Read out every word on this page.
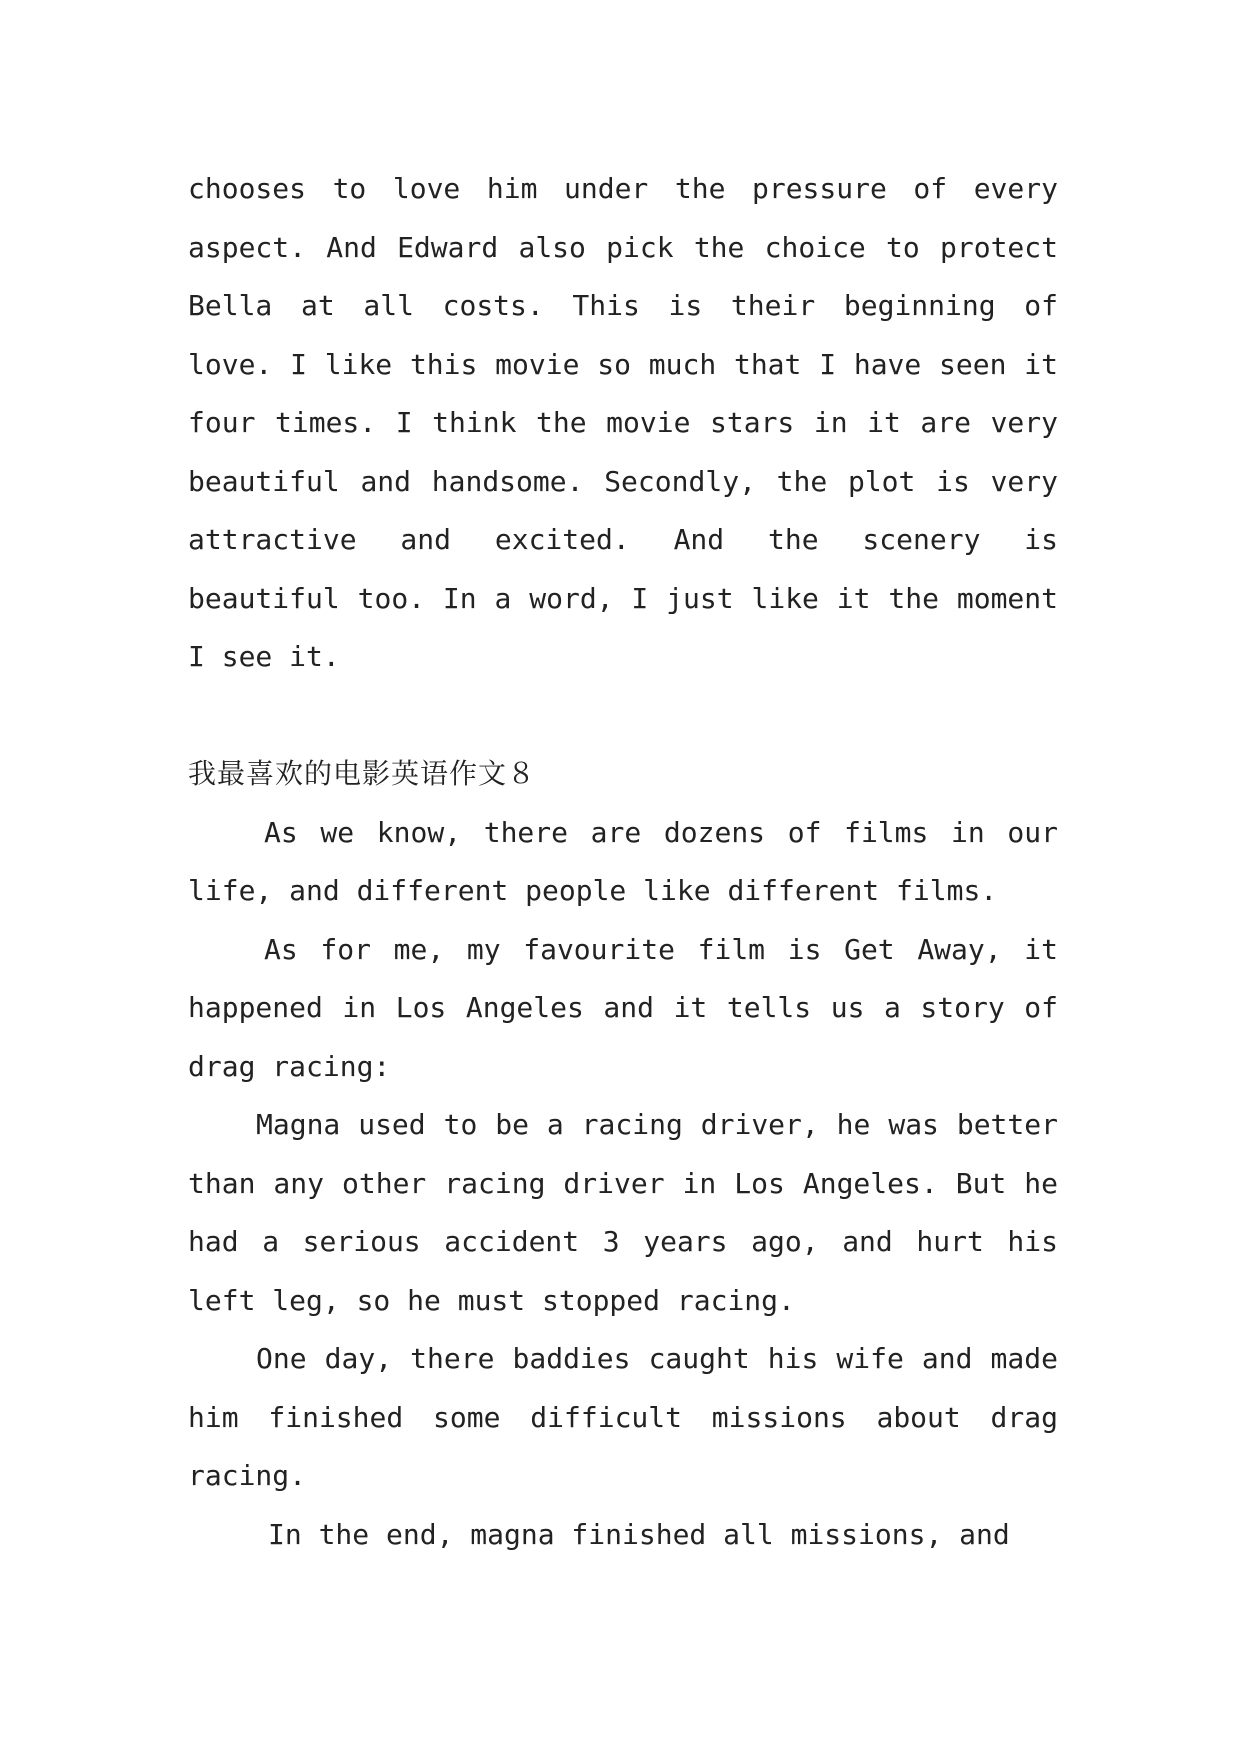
chooses to love him under the pressure of every aspect. And Edward also pick the choice to protect Bella at all costs. This is their beginning of love. I like this movie so much that I have seen it four times. I think the movie stars in it are very beautiful and handsome. Secondly, the plot is very attractive and excited. And the scenery is beautiful too. In a word, I just like it the moment I see it.

我最喜欢的电影英语作文８

As we know, there are dozens of films in our life, and different people like different films.

As for me, my favourite film is Get Away, it happened in Los Angeles and it tells us a story of drag racing:

Magna used to be a racing driver, he was better than any other racing driver in Los Angeles. But he had a serious accident 3 years ago, and hurt his left leg, so he must stopped racing.

One day, there baddies caught his wife and made him finished some difficult missions about drag racing.

In the end, magna finished all missions, and
